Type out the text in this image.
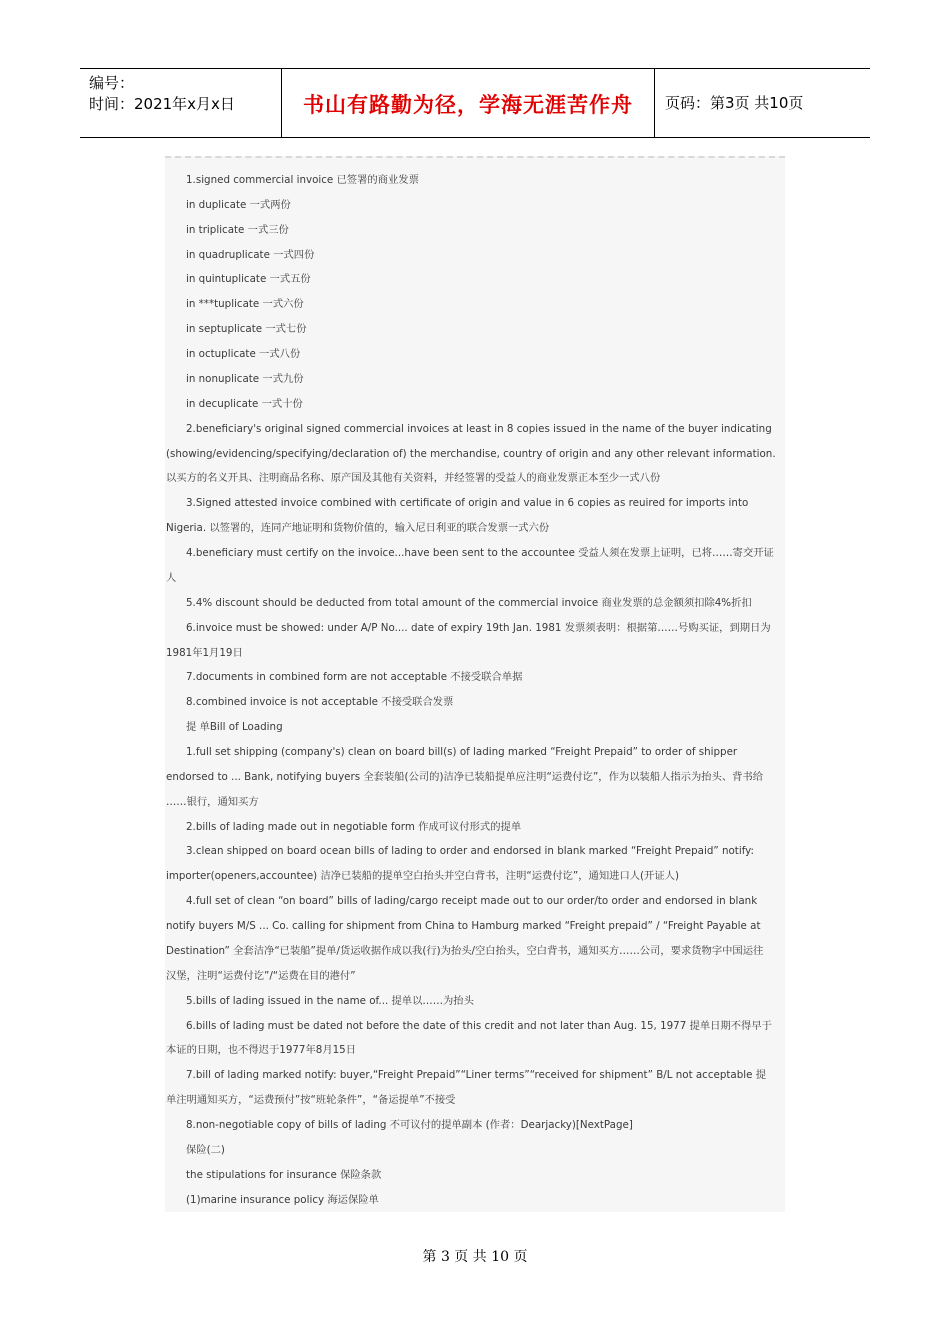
编号：
时间：2021年x月x日	书山有路勤为径，学海无涯苦作舟	页码：第3页 共10页
1.signed commercial invoice 已签署的商业发票
in duplicate 一式两份
in triplicate 一式三份
in quadruplicate 一式四份
in quintuplicate 一式五份
in ***tuplicate 一式六份
in septuplicate 一式七份
in octuplicate 一式八份
in nonuplicate 一式九份
in decuplicate 一式十份
2.beneficiary's original signed commercial invoices at least in 8 copies issued in the name of the buyer indicating
(showing/evidencing/specifying/declaration of) the merchandise, country of origin and any other relevant information.
以买方的名义开具、注明商品名称、原产国及其他有关资料，并经签署的受益人的商业发票正本至少一式八份
3.Signed attested invoice combined with certificate of origin and value in 6 copies as reuired for imports into
Nigeria. 以签署的，连同产地证明和货物价值的，输入尼日利亚的联合发票一式六份
4.beneficiary must certify on the invoice...have been sent to the accountee 受益人须在发票上证明，已将……寄交开证
人
5.4% discount should be deducted from total amount of the commercial invoice 商业发票的总金额须扣除4%折扣
6.invoice must be showed: under A/P No.... date of expiry 19th Jan. 1981 发票须表明：根据第……号购买证，到期日为
1981年1月19日
7.documents in combined form are not acceptable 不接受联合单据
8.combined invoice is not acceptable 不接受联合发票
提 单Bill of Loading
1.full set shipping (company's) clean on board bill(s) of lading marked “Freight Prepaid” to order of shipper
endorsed to ... Bank, notifying buyers 全套装船(公司的)洁净已装船提单应注明“运费付讫”，作为以装船人指示为抬头、背书给
……银行，通知买方
2.bills of lading made out in negotiable form 作成可议付形式的提单
3.clean shipped on board ocean bills of lading to order and endorsed in blank marked “Freight Prepaid” notify:
importer(openers,accountee) 洁净已装船的提单空白抬头并空白背书，注明“运费付讫”，通知进口人(开证人)
4.full set of clean “on board” bills of lading/cargo receipt made out to our order/to order and endorsed in blank
notify buyers M/S ... Co. calling for shipment from China to Hamburg marked “Freight prepaid” / “Freight Payable at
Destination” 全套洁净“已装船”提单/货运收据作成以我(行)为抬头/空白抬头，空白背书，通知买方……公司，要求货物字中国运往
汉堡，注明“运费付讫”/“运费在目的港付”
5.bills of lading issued in the name of... 提单以……为抬头
6.bills of lading must be dated not before the date of this credit and not later than Aug. 15, 1977 提单日期不得早于
本证的日期，也不得迟于1977年8月15日
7.bill of lading marked notify: buyer,“Freight Prepaid”“Liner terms”“received for shipment” B/L not acceptable 提
单注明通知买方，“运费预付”按“班轮条件”，“备运提单”不接受
8.non-negotiable copy of bills of lading 不可议付的提单副本 (作者：Dearjacky)[NextPage]
保险(二)
the stipulations for insurance 保险条款
(1)marine insurance policy 海运保险单
第 3 页 共 10 页
